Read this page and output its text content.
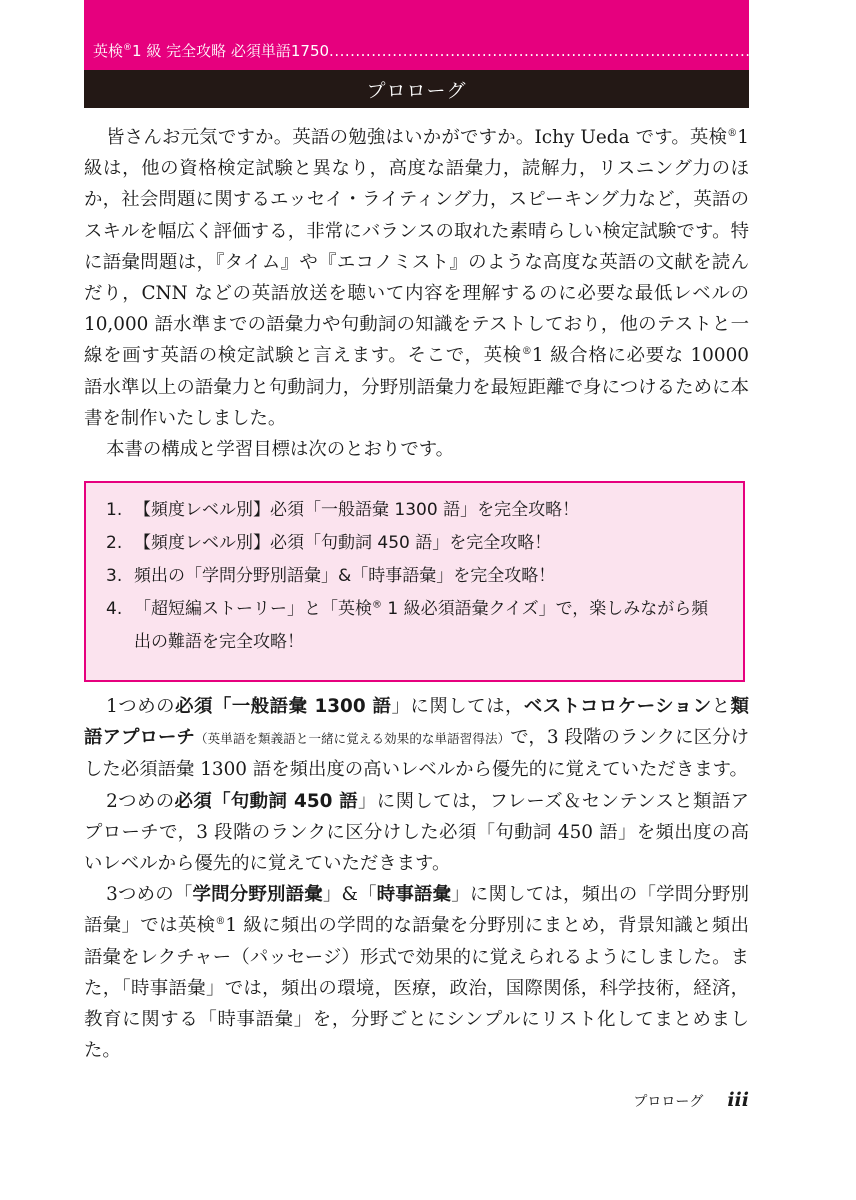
英検®1 級 完全攻略 必須単語1750....................................................................................................
プロローグ

皆さんお元気ですか。英語の勉強はいかがですか。Ichy Ueda です。英検®1 級は，他の資格検定試験と異なり，高度な語彙力，読解力，リスニング力のほか，社会問題に関するエッセイ・ライティング力，スピーキング力など，英語のスキルを幅広く評価する，非常にバランスの取れた素晴らしい検定試験です。特に語彙問題は，『タイム』や『エコノミスト』のような高度な英語の文献を読んだり，CNN などの英語放送を聴いて内容を理解するのに必要な最低レベルの 10,000 語水準までの語彙力や句動詞の知識をテストしており，他のテストと一線を画す英語の検定試験と言えます。そこで，英検®1 級合格に必要な 10000 語水準以上の語彙力と句動詞力，分野別語彙力を最短距離で身につけるために本書を制作いたしました。

本書の構成と学習目標は次のとおりです。

1. 【頻度レベル別】必須「一般語彙 1300 語」を完全攻略！
2. 【頻度レベル別】必須「句動詞 450 語」を完全攻略！
3. 頻出の「学問分野別語彙」&「時事語彙」を完全攻略！
4. 「超短編ストーリー」と「英検® 1 級必須語彙クイズ」で，楽しみながら頻出の難語を完全攻略！

1つめの必須「一般語彙 1300 語」に関しては，ベストコロケーションと類語アプローチ（英単語を類義語と一緒に覚える効果的な単語習得法）で，3 段階のランクに区分けした必須語彙 1300 語を頻出度の高いレベルから優先的に覚えていただきます。

2つめの必須「句動詞 450 語」に関しては，フレーズ＆センテンスと類語アプローチで，3 段階のランクに区分けした必須「句動詞 450 語」を頻出度の高いレベルから優先的に覚えていただきます。

3つめの「学問分野別語彙」&「時事語彙」に関しては，頻出の「学問分野別語彙」では英検®1 級に頻出の学問的な語彙を分野別にまとめ，背景知識と頻出語彙をレクチャー（パッセージ）形式で効果的に覚えられるようにしました。また，「時事語彙」では，頻出の環境，医療，政治，国際関係，科学技術，経済，教育に関する「時事語彙」を，分野ごとにシンプルにリスト化してまとめました。

プロローグ iii
